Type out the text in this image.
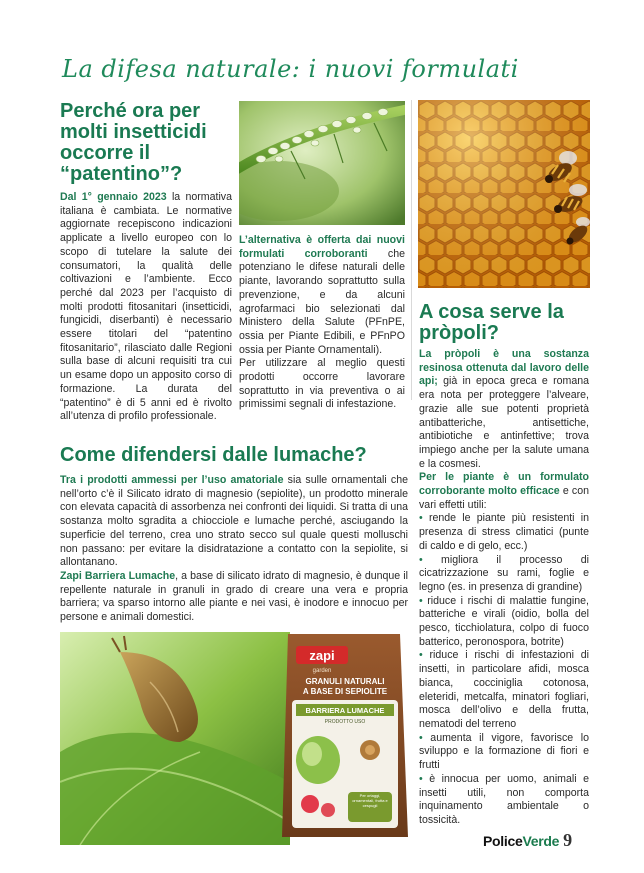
La difesa naturale: i nuovi formulati
Perché ora per molti insetticidi occorre il “patentino”?

Dal 1° gennaio 2023 la normativa italiana è cambiata. Le normative aggiornate recepiscono indicazioni applicate a livello europeo con lo scopo di tutelare la salute dei consumatori, la qualità delle coltivazioni e l’ambiente. Ecco perché dal 2023 per l’acquisto di molti prodotti fitosanitari (insetticidi, fungicidi, diserbanti) è necessario essere titolari del “patentino fitosanitario”, rilasciato dalle Regioni sulla base di alcuni requisiti tra cui un esame dopo un apposito corso di formazione. La durata del “patentino” è di 5 anni ed è rivolto all’utenza di profilo professionale.

L’alternativa è offerta dai nuovi formulati corroboranti che potenziano le difese naturali delle piante, lavorando soprattutto sulla prevenzione, e da alcuni agrofarmaci bio selezionati dal Ministero della Salute (PFnPE, ossia per Piante Edibili, e PFnPO ossia per Piante Ornamentali).

Per utilizzare al meglio questi prodotti occorre lavorare soprattutto in via preventiva o ai primissimi segnali di infestazione.

A cosa serve la pròpoli?

La pròpoli è una sostanza resinosa ottenuta dal lavoro delle api; già in epoca greca e romana era nota per proteggere l’alveare, grazie alle sue potenti proprietà antibatteriche, antisettiche, antibiotiche e antinfettive; trova impiego anche per la salute umana e la cosmesi.

Per le piante è un formulato corroborante molto efficace e con vari effetti utili:

• rende le piante più resistenti in presenza di stress climatici (punte di caldo e di gelo, ecc.)

• migliora il processo di cicatrizzazione su rami, foglie e legno (es. in presenza di grandine)

• riduce i rischi di malattie fungine, batteriche e virali (oidio, bolla del pesco, ticchiolatura, colpo di fuoco batterico, peronospora, botrite)

• riduce i rischi di infestazioni di insetti, in particolare afidi, mosca bianca, cocciniglia cotonosa, eleteridi, metcalfa, minatori fogliari, mosca dell’olivo e della frutta, nematodi del terreno

• aumenta il vigore, favorisce lo sviluppo e la formazione di fiori e frutti

• è innocua per uomo, animali e insetti utili, non comporta inquinamento ambientale o tossicità.

Come difendersi dalle lumache?

Tra i prodotti ammessi per l’uso amatoriale sia sulle ornamentali che nell’orto c’è il Silicato idrato di magnesio (sepiolite), un prodotto minerale con elevata capacità di assorbenza nei confronti dei liquidi. Si tratta di una sostanza molto sgradita a chiocciole e lumache perché, asciugando la superficie del terreno, crea uno strato secco sul quale questi molluschi non passano: per evitare la disidratazione a contatto con la sepiolite, si allontanano.

Zapi Barriera Lumache, a base di silicato idrato di magnesio, è dunque il repellente naturale in granuli in grado di creare una vera e propria barriera; va sparso intorno alle piante e nei vasi, è inodore e innocuo per persone e animali domestici.

zapi
garden
GRANULI NATURALI
A BASE DI SEPIOLITE
BARRIERA LUMACHE
PRODOTTO USO
Per ortaggi, ornamentali, frutta e cespugli
PoliceVerde 9
